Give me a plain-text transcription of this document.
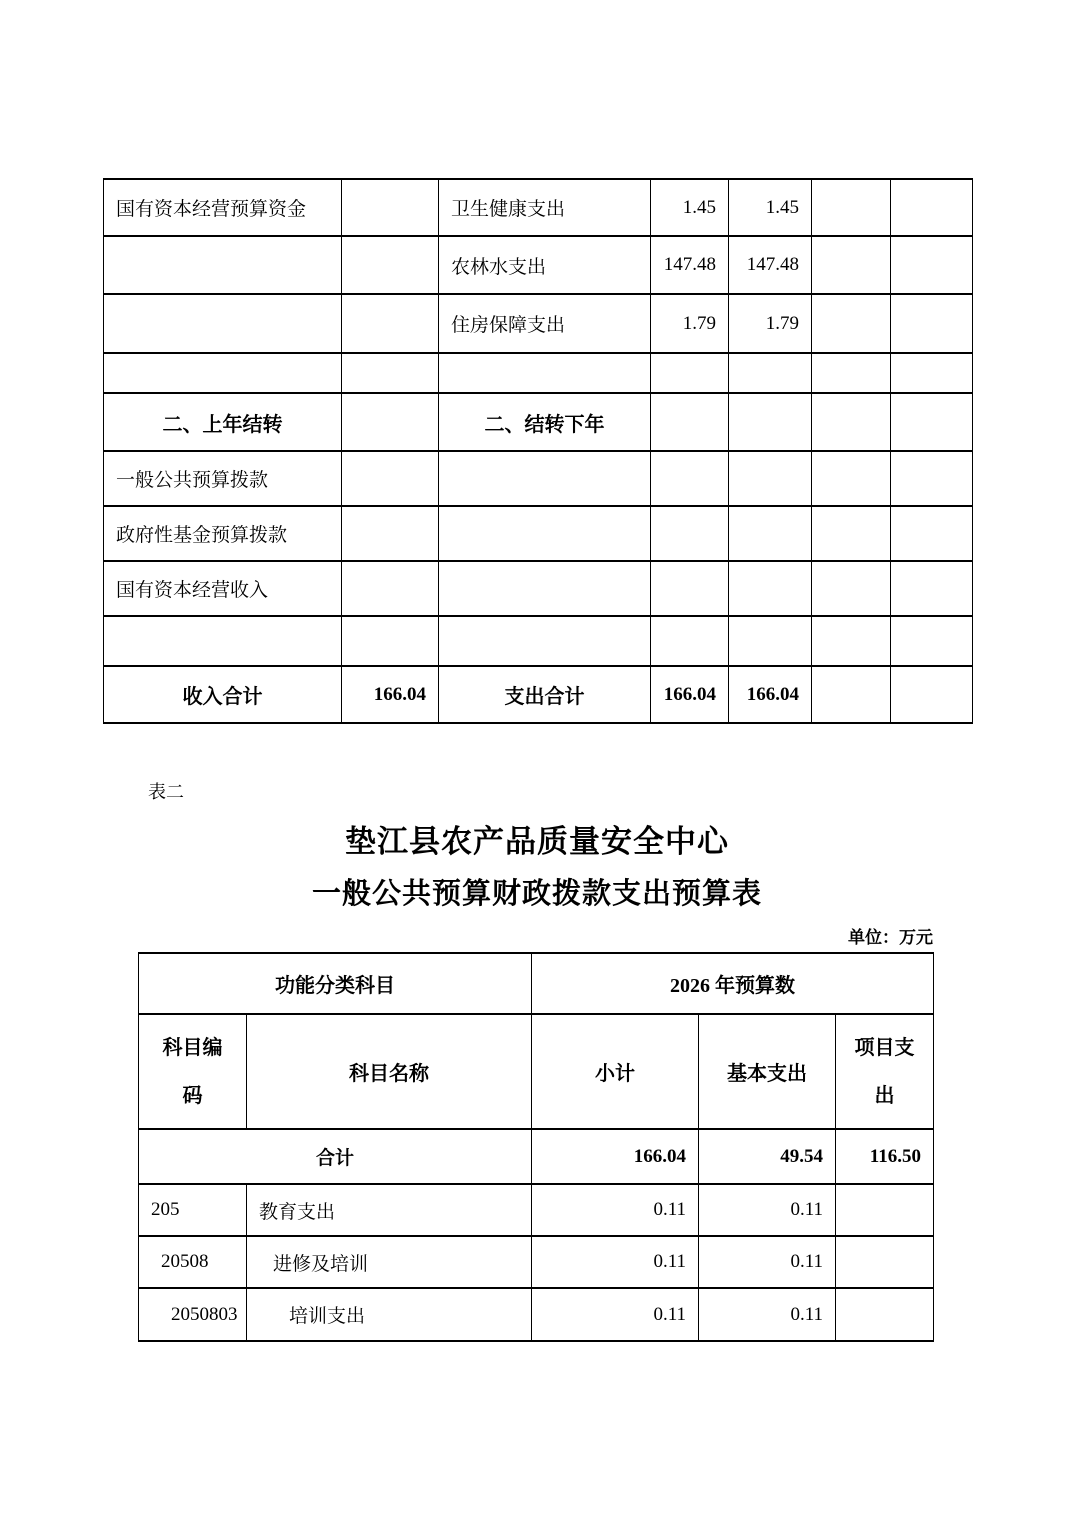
国有资本经营预算资金		卫生健康支出	1.45	1.45		
		农林水支出	147.48	147.48		
		住房保障支出	1.79	1.79		

二、上年结转		二、结转下年				
一般公共预算拨款						
政府性基金预算拨款						
国有资本经营收入						

收入合计	166.04	支出合计	166.04	166.04		
表二
垫江县农产品质量安全中心
一般公共预算财政拨款支出预算表
单位：万元
功能分类科目		2026 年预算数		
科目编码	科目名称	小计	基本支出	项目支出
合计		166.04	49.54	116.50
205	教育支出	0.11	0.11	
20508	进修及培训	0.11	0.11	
2050803	培训支出	0.11	0.11	
